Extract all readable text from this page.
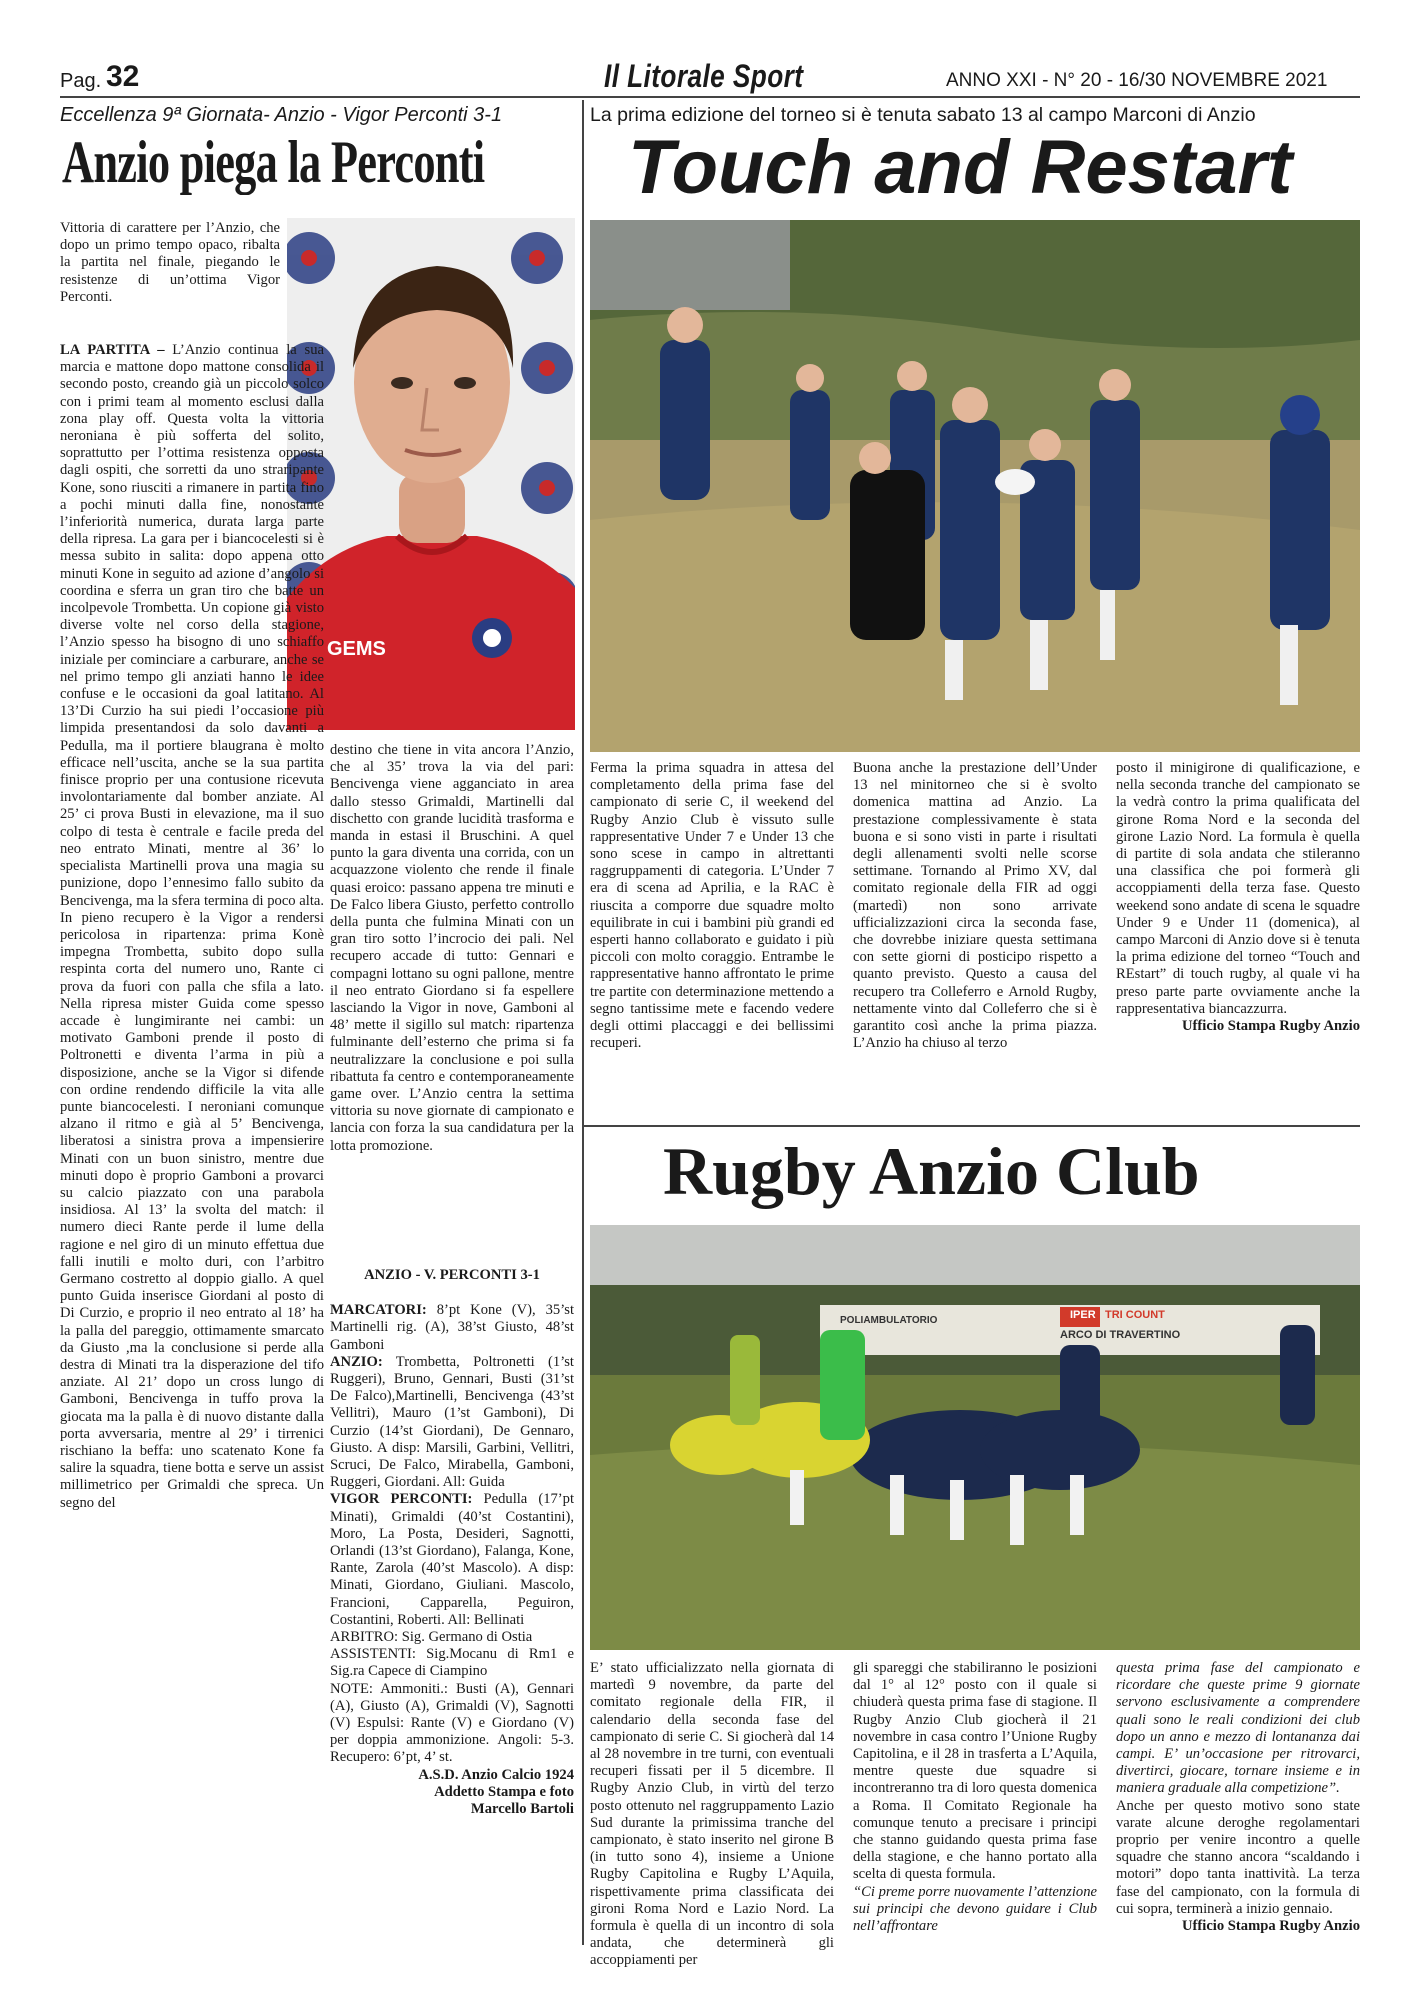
Pag. 32	Il Litorale Sport	ANNO XXI - N° 20 - 16/30 NOVEMBRE 2021
Eccellenza 9ª Giornata- Anzio - Vigor Perconti 3-1
Anzio piega la Perconti
GEMS

Vittoria di carattere per l’Anzio, che dopo un primo tempo opaco, ribalta la partita nel finale, piegando le resistenze di un’ottima Vigor Perconti.

LA PARTITA – L’Anzio continua la sua marcia e mattone dopo mattone consolida il secondo posto, creando già un piccolo solco con i primi team al momento esclusi dalla zona play off. Questa volta la vittoria neroniana è più sofferta del solito, soprattutto per l’ottima resistenza opposta dagli ospiti, che sorretti da uno straripante Kone, sono riusciti a rimanere in partita fino a pochi minuti dalla fine, nonostante l’inferiorità numerica, durata larga parte della ripresa. La gara per i biancocelesti si è messa subito in salita: dopo appena otto minuti Kone in seguito ad azione d’angolo si coordina e sferra un gran tiro che batte un incolpevole Trombetta. Un copione già visto diverse volte nel corso della stagione, l’Anzio spesso ha bisogno di uno schiaffo iniziale per cominciare a carburare, anche se nel primo tempo gli anziati hanno le idee confuse e le occasioni da goal latitano. Al 13’Di Curzio ha sui piedi l’occasione più limpida presentandosi da solo davanti a Pedulla, ma il portiere blaugrana è molto efficace nell’uscita, anche se la sua partita finisce proprio per una contusione ricevuta involontariamente dal bomber anziate. Al 25’ ci prova Busti in elevazione, ma il suo colpo di testa è centrale e facile preda del neo entrato Minati, mentre al 36’ lo specialista Martinelli prova una magia su punizione, dopo l’ennesimo fallo subito da Bencivenga, ma la sfera termina di poco alta. In pieno recupero è la Vigor a rendersi pericolosa in ripartenza: prima Konè impegna Trombetta, subito dopo sulla respinta corta del numero uno, Rante ci prova da fuori con palla che sfila a lato. Nella ripresa mister Guida come spesso accade è lungimirante nei cambi: un motivato Gamboni prende il posto di Poltronetti e diventa l’arma in più a disposizione, anche se la Vigor si difende con ordine rendendo difficile la vita alle punte biancocelesti. I neroniani comunque alzano il ritmo e già al 5’ Bencivenga, liberatosi a sinistra prova a impensierire Minati con un buon sinistro, mentre due minuti dopo è proprio Gamboni a provarci su calcio piazzato con una parabola insidiosa. Al 13’ la svolta del match: il numero dieci Rante perde il lume della ragione e nel giro di un minuto effettua due falli inutili e molto duri, con l’arbitro Germano costretto al doppio giallo. A quel punto Guida inserisce Giordani al posto di Di Curzio, e proprio il neo entrato al 18’ ha la palla del pareggio, ottimamente smarcato da Giusto ,ma la conclusione si perde alla destra di Minati tra la disperazione del tifo anziate. Al 21’ dopo un cross lungo di Gamboni, Bencivenga in tuffo prova la giocata ma la palla è di nuovo distante dalla porta avversaria, mentre al 29’ i tirrenici rischiano la beffa: uno scatenato Kone fa salire la squadra, tiene botta e serve un assist millimetrico per Grimaldi che spreca. Un segno del

destino che tiene in vita ancora l’Anzio, che al 35’ trova la via del pari: Bencivenga viene agganciato in area dallo stesso Grimaldi, Martinelli dal dischetto con grande lucidità trasforma e manda in estasi il Bruschini. A quel punto la gara diventa una corrida, con un acquazzone violento che rende il finale quasi eroico: passano appena tre minuti e De Falco libera Giusto, perfetto controllo della punta che fulmina Minati con un gran tiro sotto l’incrocio dei pali. Nel recupero accade di tutto: Gennari e compagni lottano su ogni pallone, mentre il neo entrato Giordano si fa espellere lasciando la Vigor in nove, Gamboni al 48’ mette il sigillo sul match: ripartenza fulminante dell’esterno che prima si fa neutralizzare la conclusione e poi sulla ribattuta fa centro e contemporaneamente game over. L’Anzio centra la settima vittoria su nove giornate di campionato e lancia con forza la sua candidatura per la lotta promozione.

ANZIO - V. PERCONTI 3-1

MARCATORI: 8’pt Kone (V), 35’st Martinelli rig. (A), 38’st Giusto, 48’st Gamboni

ANZIO: Trombetta, Poltronetti (1’st Ruggeri), Bruno, Gennari, Busti (31’st De Falco),Martinelli, Bencivenga (43’st Vellitri), Mauro (1’st Gamboni), Di Curzio (14’st Giordani), De Gennaro, Giusto. A disp: Marsili, Garbini, Vellitri, Scruci, De Falco, Mirabella, Gamboni, Ruggeri, Giordani. All: Guida

VIGOR PERCONTI: Pedulla (17’pt Minati), Grimaldi (40’st Costantini), Moro, La Posta, Desideri, Sagnotti, Orlandi (13’st Giordano), Falanga, Kone, Rante, Zarola (40’st Mascolo). A disp: Minati, Giordano, Giuliani. Mascolo, Francioni, Capparella, Peguiron, Costantini, Roberti. All: Bellinati

ARBITRO: Sig. Germano di Ostia

ASSISTENTI: Sig.Mocanu di Rm1 e Sig.ra Capece di Ciampino

NOTE: Ammoniti.: Busti (A), Gennari (A), Giusto (A), Grimaldi (V), Sagnotti (V) Espulsi: Rante (V) e Giordano (V) per doppia ammonizione. Angoli: 5-3. Recupero: 6’pt, 4’ st.

A.S.D. Anzio Calcio 1924
Addetto Stampa e foto
Marcello Bartoli
La prima edizione del torneo si è tenuta sabato 13 al campo Marconi di Anzio
Touch and Restart

Ferma la prima squadra in attesa del completamento della prima fase del campionato di serie C, il weekend del Rugby Anzio Club è vissuto sulle rappresentative Under 7 e Under 13 che sono scese in campo in altrettanti raggruppamenti di categoria. L’Under 7 era di scena ad Aprilia, e la RAC è riuscita a comporre due squadre molto equilibrate in cui i bambini più grandi ed esperti hanno collaborato e guidato i più piccoli con molto coraggio. Entrambe le rappresentative hanno affrontato le prime tre partite con determinazione mettendo a segno tantissime mete e facendo vedere degli ottimi placcaggi e dei bellissimi recuperi.

Buona anche la prestazione dell’Under 13 nel minitorneo che si è svolto domenica mattina ad Anzio. La prestazione complessivamente è stata buona e si sono visti in parte i risultati degli allenamenti svolti nelle scorse settimane. Tornando al Primo XV, dal comitato regionale della FIR ad oggi (martedì) non sono arrivate ufficializzazioni circa la seconda fase, che dovrebbe iniziare questa settimana con sette giorni di posticipo rispetto a quanto previsto. Questo a causa del recupero tra Colleferro e Arnold Rugby, nettamente vinto dal Colleferro che si è garantito così anche la prima piazza. L’Anzio ha chiuso al terzo

posto il minigirone di qualificazione, e nella seconda tranche del campionato se la vedrà contro la prima qualificata del girone Roma Nord e la seconda del girone Lazio Nord. La formula è quella di partite di sola andata che stileranno una classifica che poi formerà gli accoppiamenti della terza fase. Questo weekend sono andate di scena le squadre Under 9 e Under 11 (domenica), al campo Marconi di Anzio dove si è tenuta la prima edizione del torneo “Touch and REstart” di touch rugby, al quale vi ha preso parte parte ovviamente anche la rappresentativa biancazzurra.

Ufficio Stampa Rugby Anzio
Rugby Anzio Club
IPER TRI COUNT
ARCO DI TRAVERTINO
POLIAMBULATORIO

E’ stato ufficializzato nella giornata di martedì 9 novembre, da parte del comitato regionale della FIR, il calendario della seconda fase del campionato di serie C. Si giocherà dal 14 al 28 novembre in tre turni, con eventuali recuperi fissati per il 5 dicembre. Il Rugby Anzio Club, in virtù del terzo posto ottenuto nel raggruppamento Lazio Sud durante la primissima tranche del campionato, è stato inserito nel girone B (in tutto sono 4), insieme a Unione Rugby Capitolina e Rugby L’Aquila, rispettivamente prima classificata dei gironi Roma Nord e Lazio Nord. La formula è quella di un incontro di sola andata, che determinerà gli accoppiamenti per

gli spareggi che stabiliranno le posizioni dal 1° al 12° posto con il quale si chiuderà questa prima fase di stagione. Il Rugby Anzio Club giocherà il 21 novembre in casa contro l’Unione Rugby Capitolina, e il 28 in trasferta a L’Aquila, mentre queste due squadre si incontreranno tra di loro questa domenica a Roma. Il Comitato Regionale ha comunque tenuto a precisare i principi che stanno guidando questa prima fase della stagione, e che hanno portato alla scelta di questa formula.

“Ci preme porre nuovamente l’attenzione sui principi che devono guidare i Club nell’affrontare

questa prima fase del campionato e ricordare che queste prime 9 giornate servono esclusivamente a comprendere quali sono le reali condizioni dei club dopo un anno e mezzo di lontananza dai campi. E’ un’occasione per ritrovarci, divertirci, giocare, tornare insieme e in maniera graduale alla competizione”.

Anche per questo motivo sono state varate alcune deroghe regolamentari proprio per venire incontro a quelle squadre che stanno ancora “scaldando i motori” dopo tanta inattività. La terza fase del campionato, con la formula di cui sopra, terminerà a inizio gennaio.

Ufficio Stampa Rugby Anzio
